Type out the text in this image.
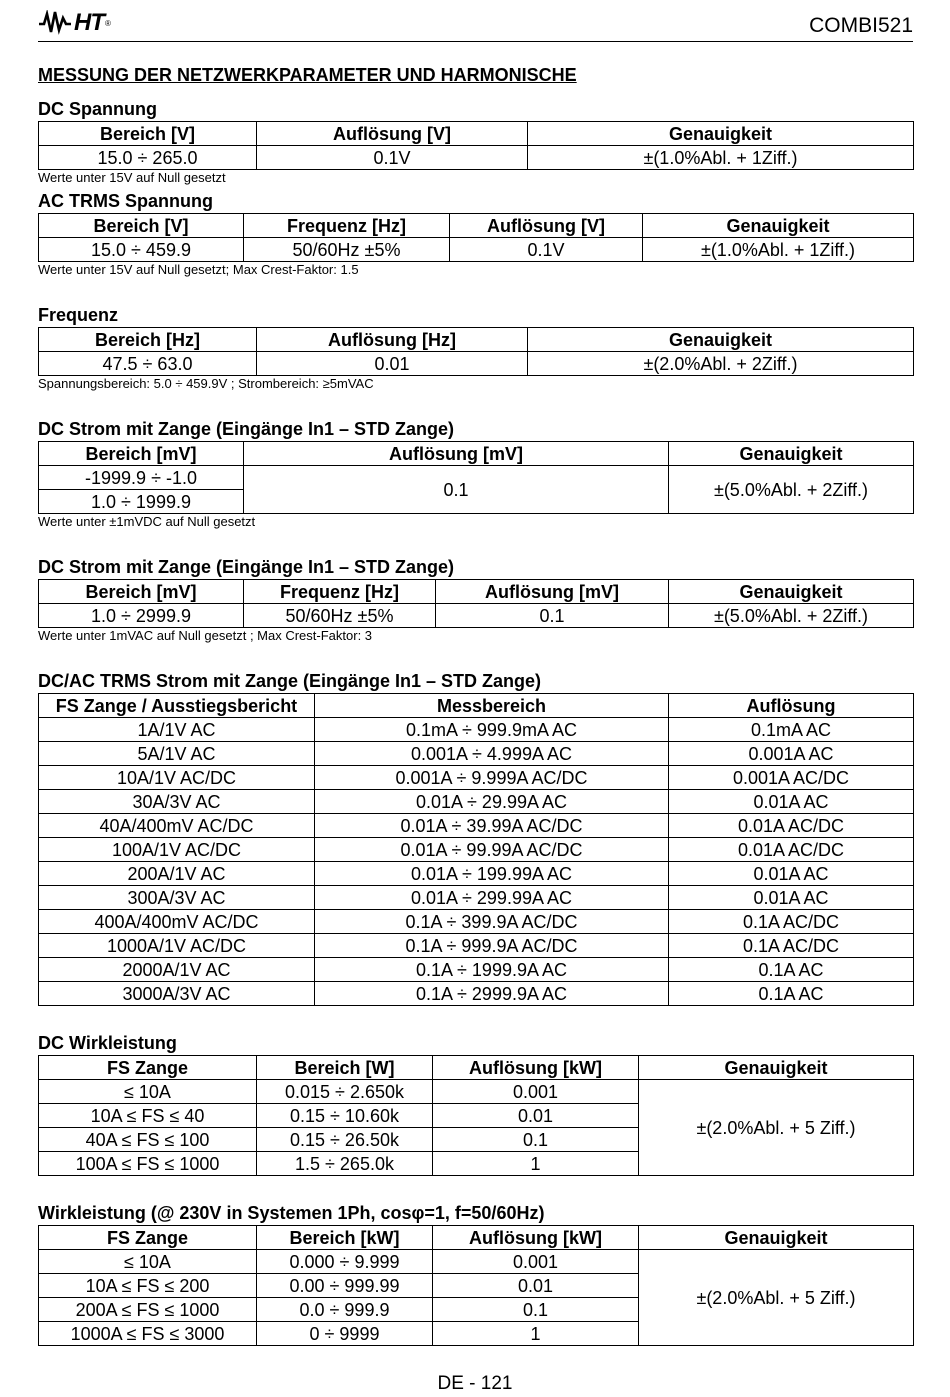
HT ®	COMBI521
MESSUNG DER NETZWERKPARAMETER UND HARMONISCHE
DC Spannung
Bereich [V]	Auflösung [V]	Genauigkeit
15.0 ÷ 265.0	0.1V	±(1.0%Abl. + 1Ziff.)
Werte unter 15V auf Null gesetzt
AC TRMS Spannung
Bereich [V]	Frequenz [Hz]	Auflösung [V]	Genauigkeit
15.0 ÷ 459.9	50/60Hz ±5%	0.1V	±(1.0%Abl. + 1Ziff.)
Werte unter 15V auf Null gesetzt; Max Crest-Faktor: 1.5
Frequenz
Bereich [Hz]	Auflösung [Hz]	Genauigkeit
47.5 ÷ 63.0	0.01	±(2.0%Abl. + 2Ziff.)
Spannungsbereich: 5.0 ÷ 459.9V ; Strombereich: ≥5mVAC
DC Strom mit Zange (Eingänge In1 – STD Zange)
Bereich [mV]	Auflösung [mV]	Genauigkeit
-1999.9 ÷ -1.0	0.1	±(5.0%Abl. + 2Ziff.)
1.0 ÷ 1999.9		
Werte unter ±1mVDC auf Null gesetzt
DC Strom mit Zange (Eingänge In1 – STD Zange)
Bereich [mV]	Frequenz [Hz]	Auflösung [mV]	Genauigkeit
1.0 ÷ 2999.9	50/60Hz ±5%	0.1	±(5.0%Abl. + 2Ziff.)
Werte unter 1mVAC auf Null gesetzt ; Max Crest-Faktor: 3
DC/AC TRMS Strom mit Zange (Eingänge In1 – STD Zange)
FS Zange / Ausstiegsbericht	Messbereich	Auflösung
1A/1V AC	0.1mA ÷ 999.9mA AC	0.1mA AC
5A/1V AC	0.001A ÷ 4.999A AC	0.001A AC
10A/1V AC/DC	0.001A ÷ 9.999A AC/DC	0.001A AC/DC
30A/3V AC	0.01A ÷ 29.99A AC	0.01A AC
40A/400mV AC/DC	0.01A ÷ 39.99A AC/DC	0.01A AC/DC
100A/1V AC/DC	0.01A ÷ 99.99A AC/DC	0.01A AC/DC
200A/1V AC	0.01A ÷ 199.99A AC	0.01A AC
300A/3V AC	0.01A ÷ 299.99A AC	0.01A AC
400A/400mV AC/DC	0.1A ÷ 399.9A AC/DC	0.1A AC/DC
1000A/1V AC/DC	0.1A ÷ 999.9A AC/DC	0.1A AC/DC
2000A/1V AC	0.1A ÷ 1999.9A AC	0.1A AC
3000A/3V AC	0.1A ÷ 2999.9A AC	0.1A AC
DC Wirkleistung
FS Zange	Bereich [W]	Auflösung [kW]	Genauigkeit
≤ 10A	0.015 ÷ 2.650k	0.001	±(2.0%Abl. + 5 Ziff.)
10A ≤ FS ≤ 40	0.15 ÷ 10.60k	0.01	
40A ≤ FS ≤ 100	0.15 ÷ 26.50k	0.1	
100A ≤ FS ≤ 1000	1.5 ÷ 265.0k	1	
Wirkleistung (@ 230V in Systemen 1Ph, cosφ=1, f=50/60Hz)
FS Zange	Bereich [kW]	Auflösung [kW]	Genauigkeit
≤ 10A	0.000 ÷ 9.999	0.001	±(2.0%Abl. + 5 Ziff.)
10A ≤ FS ≤ 200	0.00 ÷ 999.99	0.01	
200A ≤ FS ≤ 1000	0.0 ÷ 999.9	0.1	
1000A ≤ FS ≤ 3000	0 ÷ 9999	1	
DE - 121
